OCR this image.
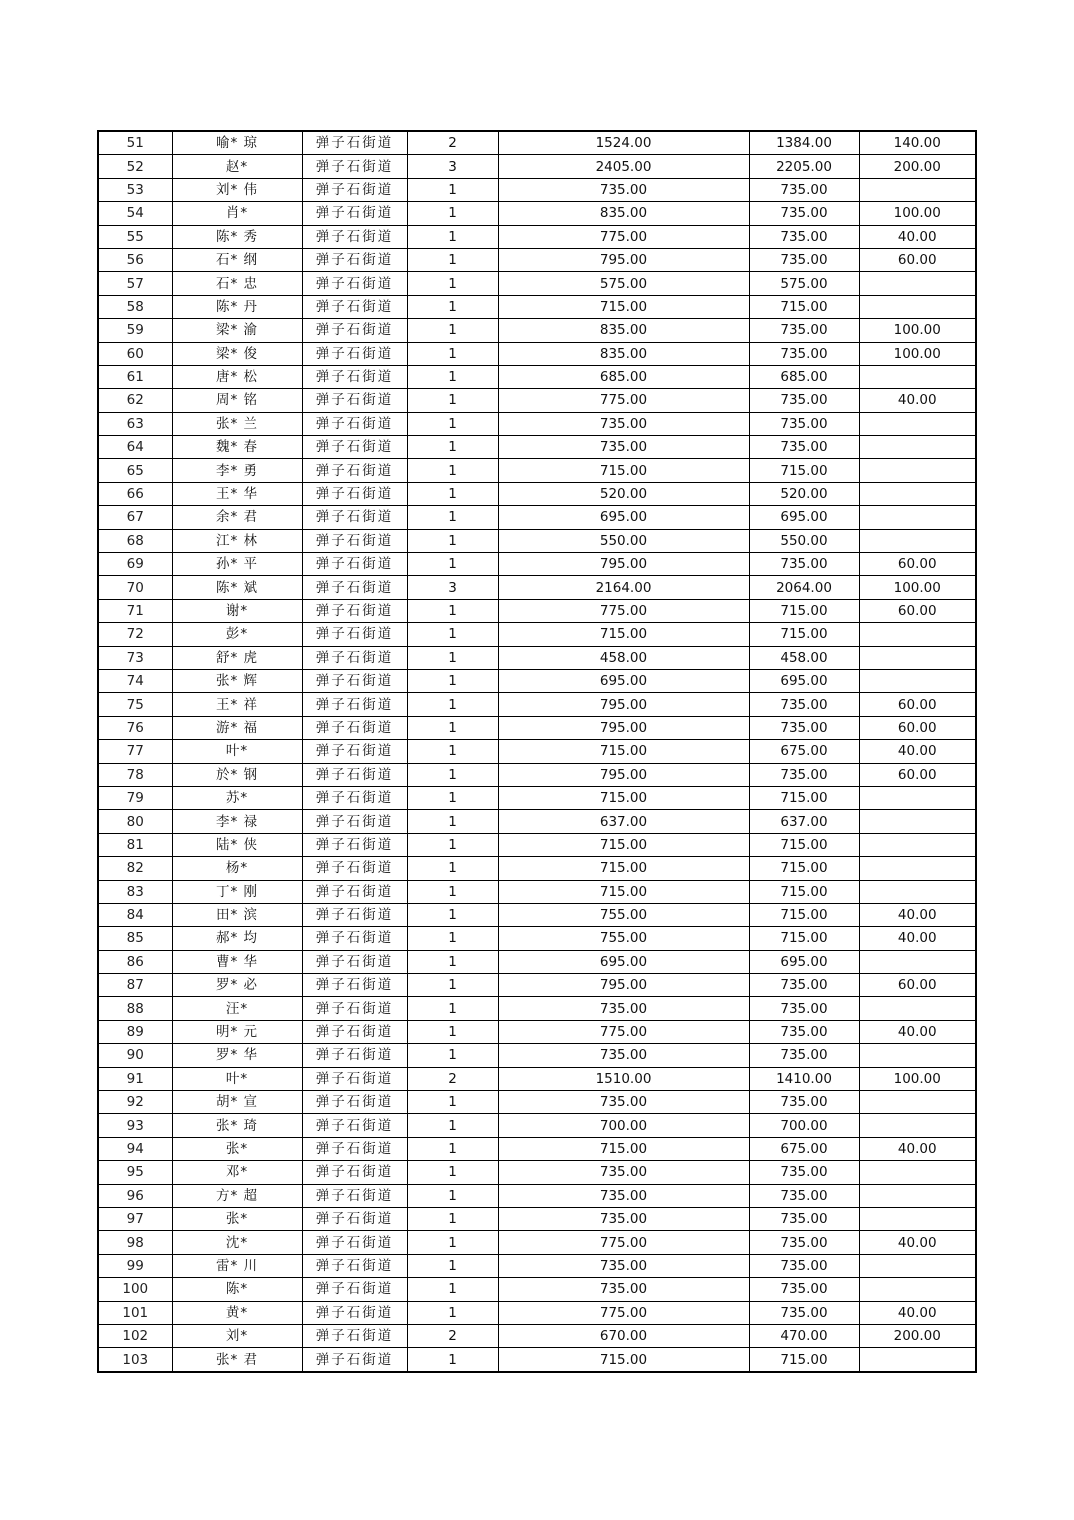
51	喻* 琼	弹子石街道	2	1524.00	1384.00	140.00
52	赵*	弹子石街道	3	2405.00	2205.00	200.00
53	刘* 伟	弹子石街道	1	735.00	735.00	
54	肖*	弹子石街道	1	835.00	735.00	100.00
55	陈* 秀	弹子石街道	1	775.00	735.00	40.00
56	石* 纲	弹子石街道	1	795.00	735.00	60.00
57	石* 忠	弹子石街道	1	575.00	575.00	
58	陈* 丹	弹子石街道	1	715.00	715.00	
59	梁* 渝	弹子石街道	1	835.00	735.00	100.00
60	梁* 俊	弹子石街道	1	835.00	735.00	100.00
61	唐* 松	弹子石街道	1	685.00	685.00	
62	周* 铭	弹子石街道	1	775.00	735.00	40.00
63	张* 兰	弹子石街道	1	735.00	735.00	
64	魏* 春	弹子石街道	1	735.00	735.00	
65	李* 勇	弹子石街道	1	715.00	715.00	
66	王* 华	弹子石街道	1	520.00	520.00	
67	余* 君	弹子石街道	1	695.00	695.00	
68	江* 林	弹子石街道	1	550.00	550.00	
69	孙* 平	弹子石街道	1	795.00	735.00	60.00
70	陈* 斌	弹子石街道	3	2164.00	2064.00	100.00
71	谢*	弹子石街道	1	775.00	715.00	60.00
72	彭*	弹子石街道	1	715.00	715.00	
73	舒* 虎	弹子石街道	1	458.00	458.00	
74	张* 辉	弹子石街道	1	695.00	695.00	
75	王* 祥	弹子石街道	1	795.00	735.00	60.00
76	游* 福	弹子石街道	1	795.00	735.00	60.00
77	叶*	弹子石街道	1	715.00	675.00	40.00
78	於* 钢	弹子石街道	1	795.00	735.00	60.00
79	苏*	弹子石街道	1	715.00	715.00	
80	李* 禄	弹子石街道	1	637.00	637.00	
81	陆* 侠	弹子石街道	1	715.00	715.00	
82	杨*	弹子石街道	1	715.00	715.00	
83	丁* 刚	弹子石街道	1	715.00	715.00	
84	田* 滨	弹子石街道	1	755.00	715.00	40.00
85	郝* 均	弹子石街道	1	755.00	715.00	40.00
86	曹* 华	弹子石街道	1	695.00	695.00	
87	罗* 必	弹子石街道	1	795.00	735.00	60.00
88	汪*	弹子石街道	1	735.00	735.00	
89	明* 元	弹子石街道	1	775.00	735.00	40.00
90	罗* 华	弹子石街道	1	735.00	735.00	
91	叶*	弹子石街道	2	1510.00	1410.00	100.00
92	胡* 宣	弹子石街道	1	735.00	735.00	
93	张* 琦	弹子石街道	1	700.00	700.00	
94	张*	弹子石街道	1	715.00	675.00	40.00
95	邓*	弹子石街道	1	735.00	735.00	
96	方* 超	弹子石街道	1	735.00	735.00	
97	张*	弹子石街道	1	735.00	735.00	
98	沈*	弹子石街道	1	775.00	735.00	40.00
99	雷* 川	弹子石街道	1	735.00	735.00	
100	陈*	弹子石街道	1	735.00	735.00	
101	黄*	弹子石街道	1	775.00	735.00	40.00
102	刘*	弹子石街道	2	670.00	470.00	200.00
103	张* 君	弹子石街道	1	715.00	715.00	
